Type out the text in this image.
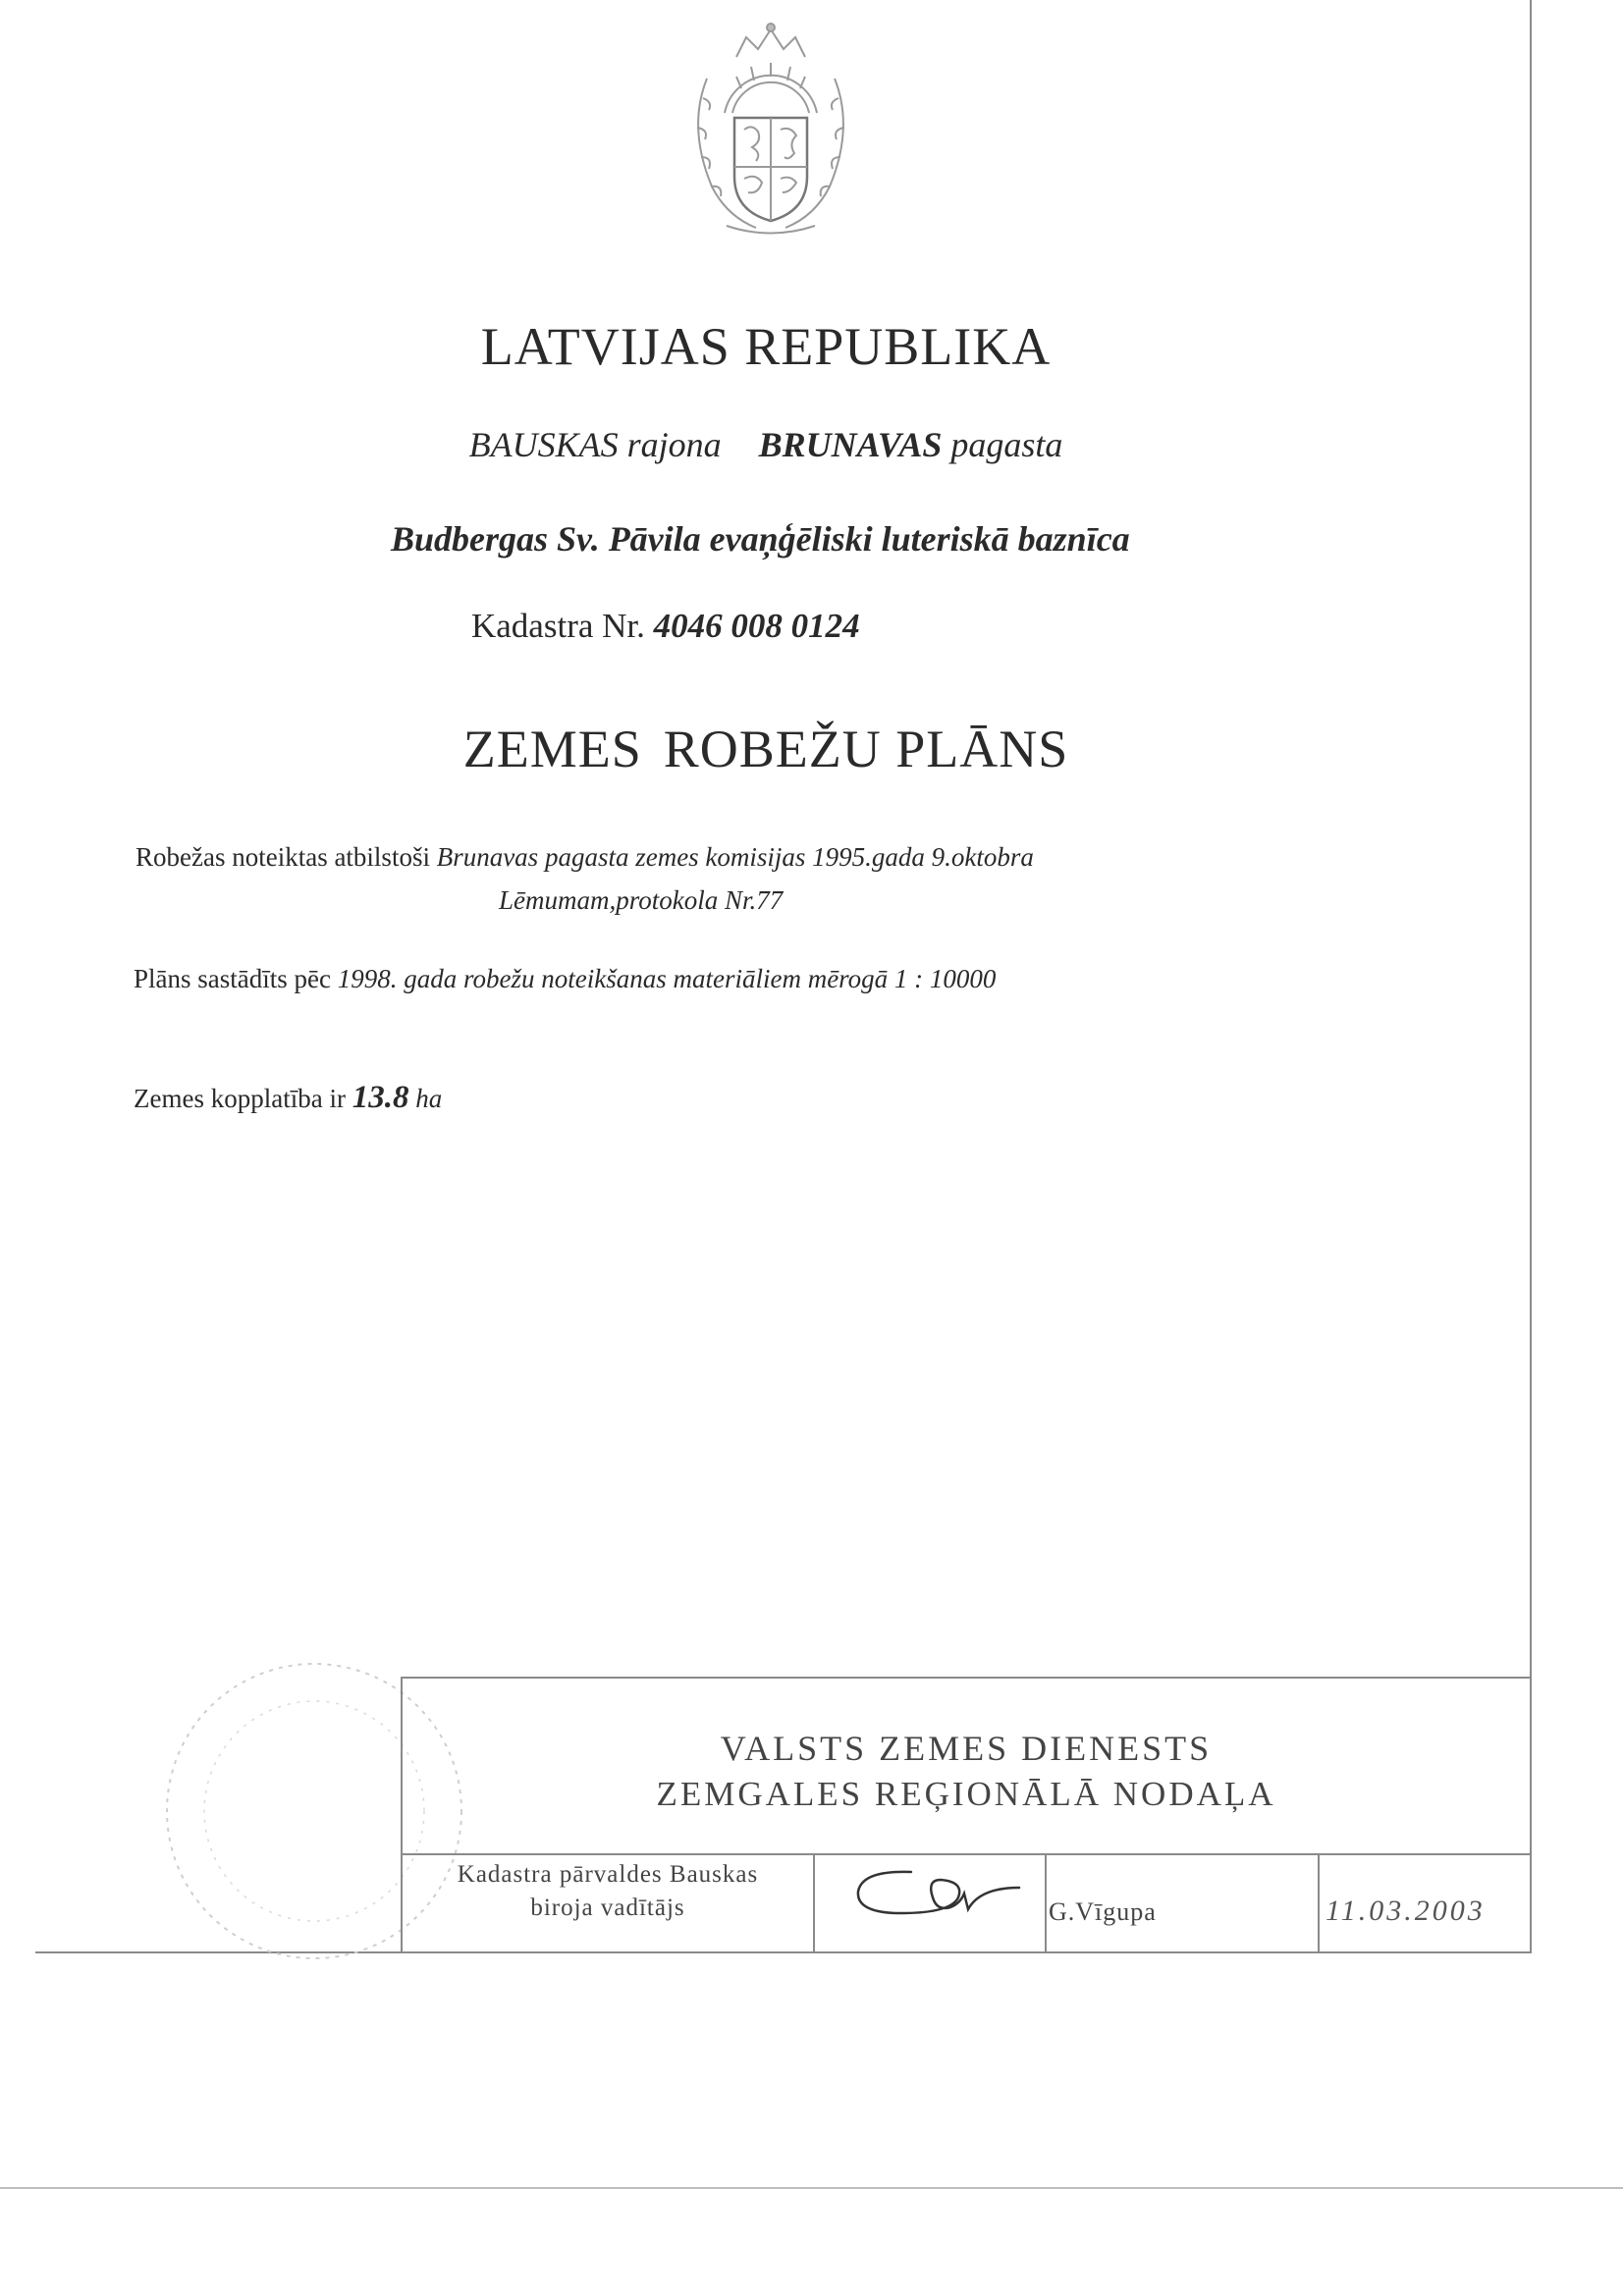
LATVIJAS REPUBLIKA
BAUSKAS rajona BRUNAVAS pagasta
Budbergas Sv. Pāvila evaņģēliski luteriskā baznīca
Kadastra Nr. 4046 008 0124
ZEMES ROBEŽU PLĀNS
Robežas noteiktas atbilstoši Brunavas pagasta zemes komisijas 1995.gada 9.oktobra
Lēmumam,protokola Nr.77
Plāns sastādīts pēc 1998. gada robežu noteikšanas materiāliem mērogā 1 : 10000
Zemes kopplatība ir 13.8 ha
VALSTS ZEMES DIENESTS
ZEMGALES REĢIONĀLĀ NODAĻA
Kadastra pārvaldes Bauskas
biroja vadītājs	G.Vīgupa	11.03.2003
